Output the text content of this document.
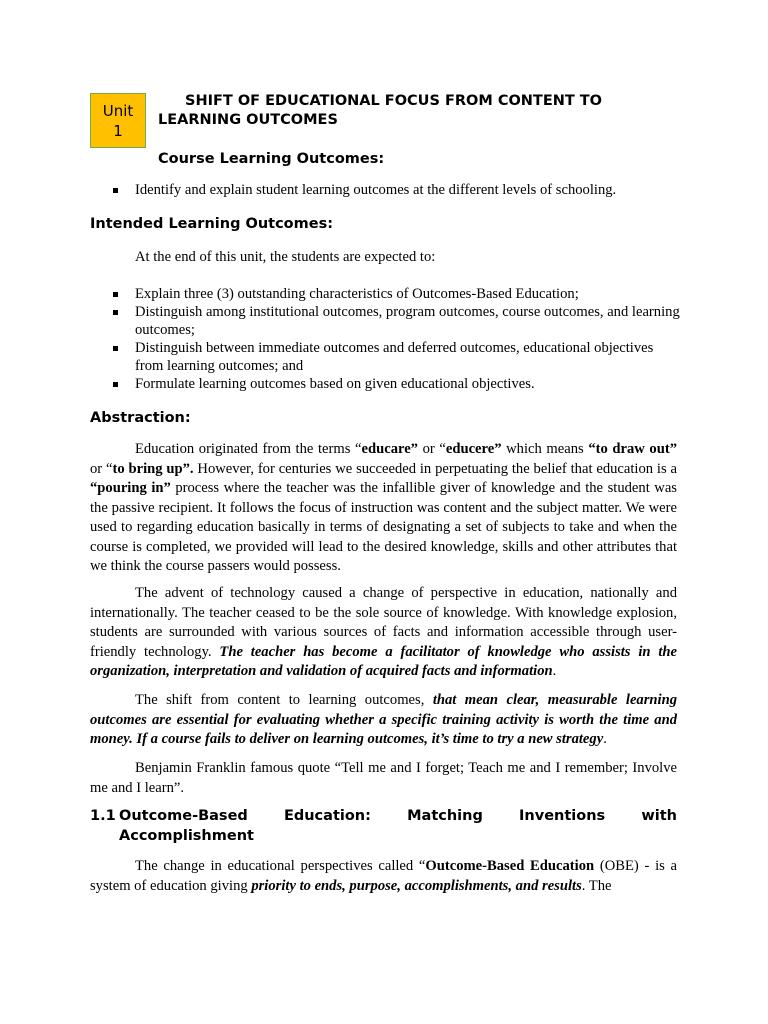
Unit
1
SHIFT OF EDUCATIONAL FOCUS FROM CONTENT TO LEARNING OUTCOMES
Course Learning Outcomes:
Identify and explain student learning outcomes at the different levels of schooling.
Intended Learning Outcomes:

At the end of this unit, the students are expected to:

Explain three (3) outstanding characteristics of Outcomes-Based Education;
Distinguish among institutional outcomes, program outcomes, course outcomes, and learning outcomes;
Distinguish between immediate outcomes and deferred outcomes, educational objectives from learning outcomes; and
Formulate learning outcomes based on given educational objectives.
Abstraction:

Education originated from the terms “educare” or “educere” which means “to draw out” or “to bring up”. However, for centuries we succeeded in perpetuating the belief that education is a “pouring in” process where the teacher was the infallible giver of knowledge and the student was the passive recipient. It follows the focus of instruction was content and the subject matter. We were used to regarding education basically in terms of designating a set of subjects to take and when the course is completed, we provided will lead to the desired knowledge, skills and other attributes that we think the course passers would possess.

The advent of technology caused a change of perspective in education, nationally and internationally. The teacher ceased to be the sole source of knowledge. With knowledge explosion, students are surrounded with various sources of facts and information accessible through user-friendly technology. The teacher has become a facilitator of knowledge who assists in the organization, interpretation and validation of acquired facts and information.

The shift from content to learning outcomes, that mean clear, measurable learning outcomes are essential for evaluating whether a specific training activity is worth the time and money. If a course fails to deliver on learning outcomes, it’s time to try a new strategy.

Benjamin Franklin famous quote “Tell me and I forget; Teach me and I remember; Involve me and I learn”.

1.1 Outcome-Based Education: Matching Inventions with
Accomplishment

The change in educational perspectives called “Outcome-Based Education (OBE) - is a system of education giving priority to ends, purpose, accomplishments, and results. The
